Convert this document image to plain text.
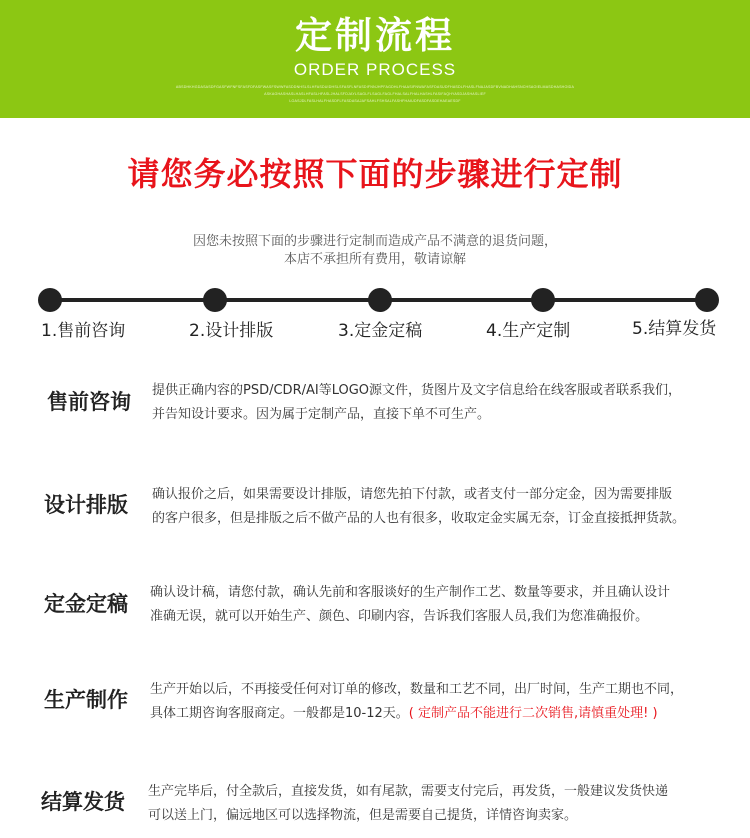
定制流程
ORDER PROCESS
ABSDHKHGDASASDFGASFWFNFSFASFDFASFWASFSWWFASDDNHSLSLHFASDUIDHSLSFASFLNFASDIFNNJHPFAGDHLFHAASIFNWAFASFDASUDFHASDLFHASLFNAJASDFBVNADHAHSNCHSAOIELMASDHASHOIDA
ASKAGHASHASLHASLHFASLHFASLJHALSFDJAYLSAGLFLSAGLFAGLFHALSALFHALHASHLFASIFAQHYASDJASHASLIEF
LOASJDLFASLHALFHASDFLFASDASAJAFSAHLFSHSALFASHFHAIUDFASDFASDEHAEAESDF
请您务必按照下面的步骤进行定制
因您未按照下面的步骤进行定制而造成产品不满意的退货问题，
本店不承担所有费用，敬请谅解
1.售前咨询	2.设计排版	3.定金定稿	4.生产定制	5.结算发货
售前咨询	提供正确内容的PSD/CDR/AI等LOGO源文件，货图片及文字信息给在线客服或者联系我们，
并告知设计要求。因为属于定制产品，直接下单不可生产。
设计排版	确认报价之后，如果需要设计排版，请您先拍下付款，或者支付一部分定金，因为需要排版
的客户很多，但是排版之后不做产品的人也有很多，收取定金实属无奈，订金直接抵押货款。
定金定稿	确认设计稿，请您付款，确认先前和客服谈好的生产制作工艺、数量等要求，并且确认设计
准确无误，就可以开始生产、颜色、印刷内容，告诉我们客服人员,我们为您准确报价。
生产制作	生产开始以后，不再接受任何对订单的修改，数量和工艺不同，出厂时间，生产工期也不同，
具体工期咨询客服商定。一般都是10-12天。( 定制产品不能进行二次销售,请慎重处理! )
结算发货	生产完毕后，付全款后，直接发货，如有尾款，需要支付完后，再发货，一般建议发货快递
可以送上门，偏远地区可以选择物流，但是需要自己提货，详情咨询卖家。
